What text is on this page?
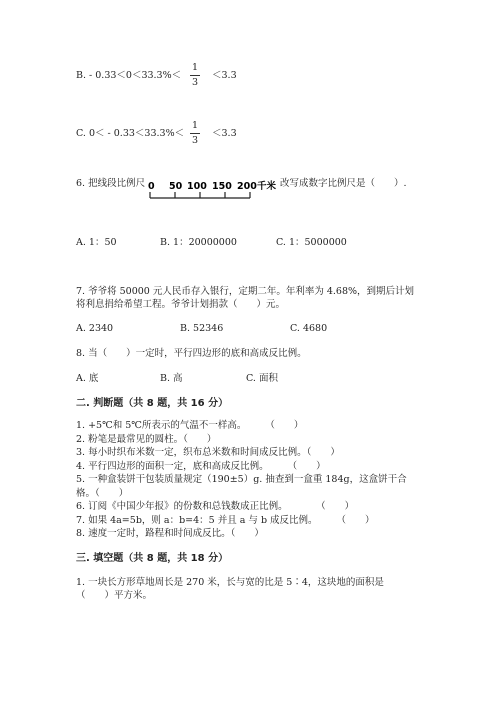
B. - 0.33＜0＜33.3%＜
1
3
＜3.3
C. 0＜ - 0.33＜33.3%＜
1
3
＜3.3
6. 把线段比例尺 0 50 100 150 200 千米 改写成数字比例尺是（　　）.
A. 1：50	B. 1：20000000	C. 1：5000000
7. 爷爷将 50000 元人民币存入银行，定期二年。年利率为 4.68%，到期后计划
将利息捐给希望工程。爷爷计划捐款（　　）元。
A. 2340	B. 52346	C. 4680
8. 当（　　）一定时，平行四边形的底和高成反比例。
A. 底	B. 高	C. 面积
二. 判断题（共 8 题，共 16 分）
1. +5℃和 5℃所表示的气温不一样高。　　　（　　）
2. 粉笔是最常见的圆柱。（　　）
3. 每小时织布米数一定，织布总米数和时间成反比例。（　　）
4. 平行四边形的面积一定，底和高成反比例。　　　（　　）
5. 一种盒装饼干包装质量规定（190±5）g. 抽查到一盒重 184g，这盒饼干合
格。（　　）
6. 订阅《中国少年报》的份数和总钱数成正比例。　　　　（　　）
7. 如果 4a=5b，则 a：b=4：5 并且 a 与 b 成反比例。　　　（　　）
8. 速度一定时，路程和时间成反比。（　　）
三. 填空题（共 8 题，共 18 分）
1. 一块长方形草地周长是 270 米，长与宽的比是 5∶4，这块地的面积是
（　　）平方米。
